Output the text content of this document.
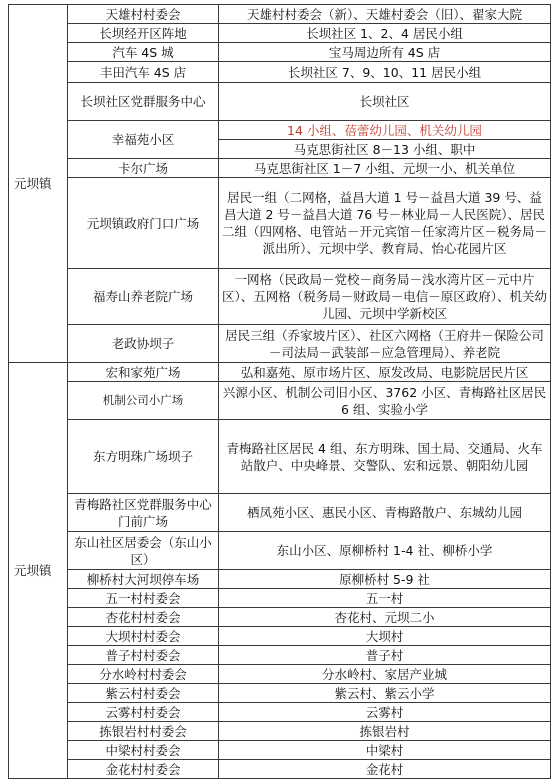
元坝镇	天雄村村委会	天雄村村委会（新）、天雄村委会（旧）、翟家大院
	长坝经开区阵地	长坝社区 1、2、4 居民小组
	汽车 4S 城	宝马周边所有 4S 店
	丰田汽车 4S 店	长坝社区 7、9、10、11 居民小组
	长坝社区党群服务中心	长坝社区
	幸福苑小区	14 小组、蓓蕾幼儿园、机关幼儿园
		马克思街社区 8－13 小组、职中
	卡尔广场	马克思街社区 1－7 小组、元坝一小、机关单位
	元坝镇政府门口广场	居民一组（二网格，益昌大道 1 号－益昌大道 39 号、益昌大道 2 号－益昌大道 76 号－林业局－人民医院）、居民二组（四网格、电管站－开元宾馆－任家湾片区－税务局－派出所）、元坝中学、教育局、怡心花园片区
	福寿山养老院广场	一网格（民政局－党校－商务局－浅水湾片区－元中片区）、五网格（税务局－财政局－电信－原区政府）、机关幼儿园、元坝中学新校区
	老政协坝子	居民三组（乔家坡片区）、社区六网格（王府井－保险公司－司法局－武装部－应急管理局）、养老院
元坝镇	宏和家苑广场	弘和嘉苑、原市场片区、原发改局、电影院居民片区
	机制公司小广场	兴源小区、机制公司旧小区、3762 小区、青梅路社区居民 6 组、实验小学
	东方明珠广场坝子	青梅路社区居民 4 组、东方明珠、国土局、交通局、火车站散户、中央峰景、交警队、宏和远景、朝阳幼儿园
	青梅路社区党群服务中心门前广场	栖凤苑小区、惠民小区、青梅路散户、东城幼儿园
	东山社区居委会（东山小区）	东山小区、原柳桥村 1-4 社、柳桥小学
	柳桥村大河坝停车场	原柳桥村 5-9 社
	五一村村委会	五一村
	杏花村村委会	杏花村、元坝二小
	大坝村村委会	大坝村
	普子村村委会	普子村
	分水岭村村委会	分水岭村、家居产业城
	紫云村村委会	紫云村、紫云小学
	云雾村村委会	云雾村
	拣银岩村村委会	拣银岩村
	中梁村村委会	中梁村
	金花村村委会	金花村
